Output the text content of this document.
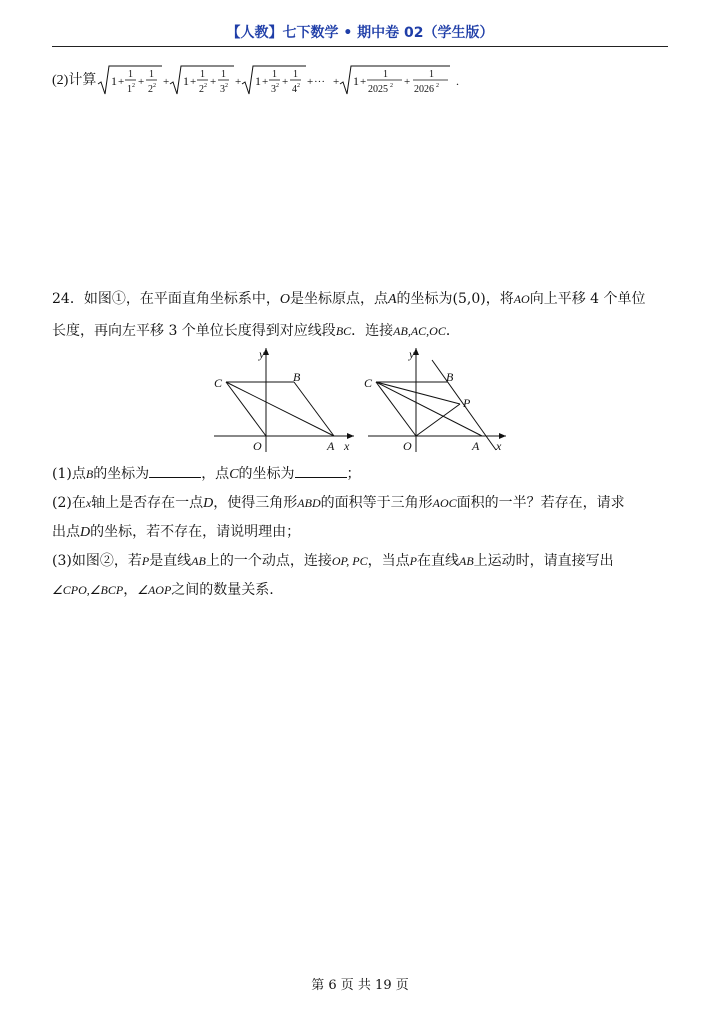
【人教】七下数学 • 期中卷 02（学生版）
(2)计算 1 +
1
1 2 +
1
2 2 + 1 +
1
2 2 +
1
3 2 + 1 +
1
3 2 +
1
4 2 + ··· + 1 +
1
2025 2 +
1
2026 2 .
24．如图①，在平面直角坐标系中，O是坐标原点，点A的坐标为(5,0)，将AO向上平移 4 个单位
长度，再向左平移 3 个单位长度得到对应线段BC．连接AB,AC,OC．
y
x
C	B
O	A
y
x
C	B
P
O	A
(1)点B的坐标为	，点C的坐标为	；
(2)在x轴上是否存在一点D，使得三角形ABD的面积等于三角形AOC面积的一半？若存在，请求
出点D的坐标，若不存在，请说明理由；
(3)如图②，若P是直线AB上的一个动点，连接OP, PC，当点P在直线AB上运动时，请直接写出
∠CPO,∠BCP，∠AOP之间的数量关系.
第 6 页 共 19 页
